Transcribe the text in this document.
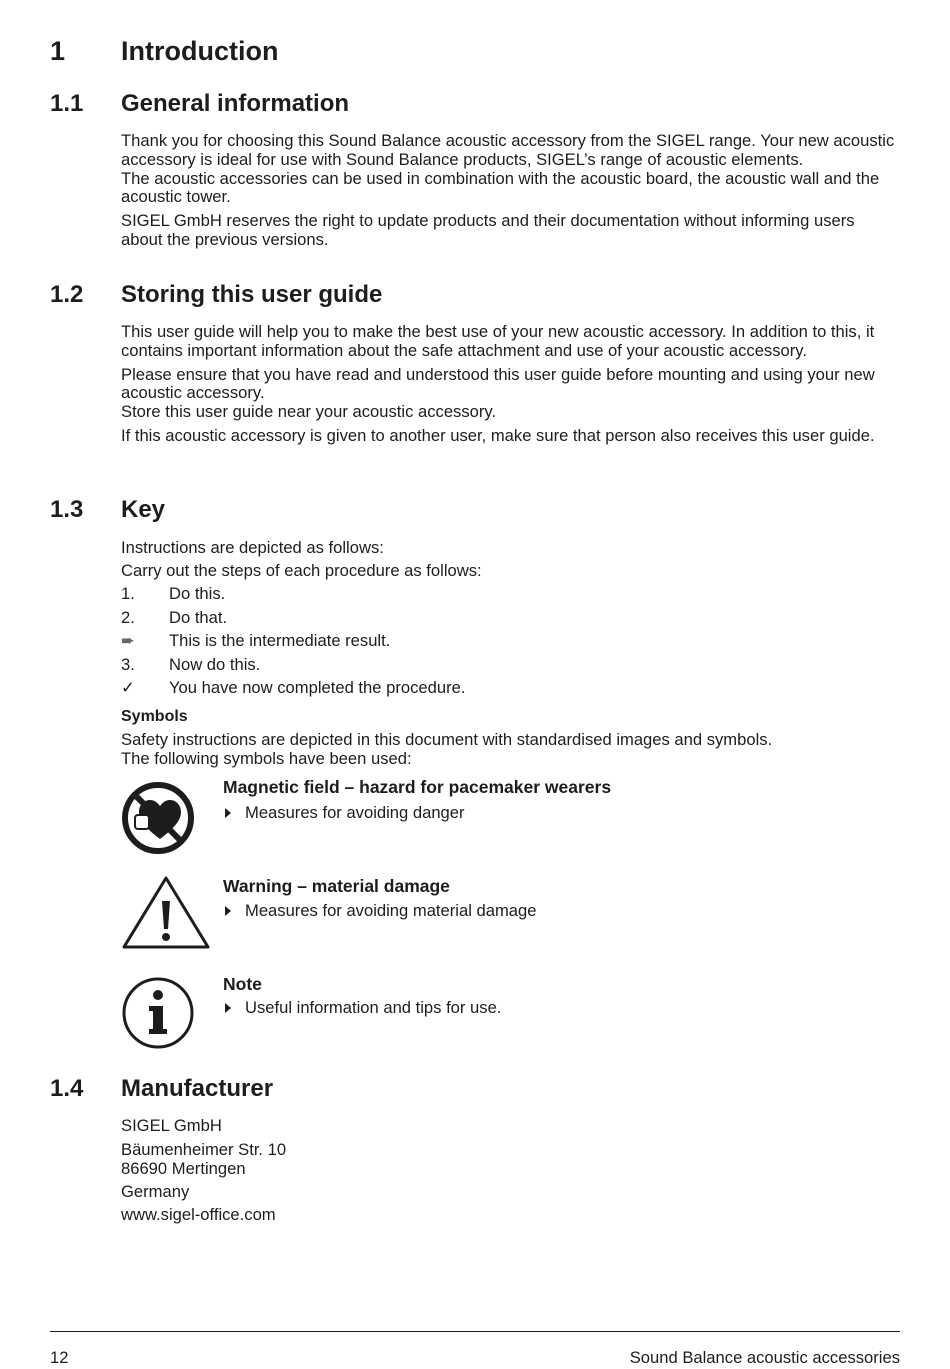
1 Introduction
1.1 General information

Thank you for choosing this Sound Balance acoustic accessory from the SIGEL range. Your new acoustic accessory is ideal for use with Sound Balance products, SIGEL’s range of acoustic elements.

The acoustic accessories can be used in combination with the acoustic board, the acoustic wall and the acoustic tower.

SIGEL GmbH reserves the right to update products and their documentation without informing users about the previous versions.

1.2 Storing this user guide

This user guide will help you to make the best use of your new acoustic accessory. In addition to this, it contains important information about the safe attachment and use of your acoustic accessory.

Please ensure that you have read and understood this user guide before mounting and using your new acoustic accessory.

Store this user guide near your acoustic accessory.

If this acoustic accessory is given to another user, make sure that person also receives this user guide.

1.3 Key
Instructions are depicted as follows:
Carry out the steps of each procedure as follows:
1.	Do this.
2.	Do that.
➨	This is the intermediate result.
3.	Now do this.
✓	You have now completed the procedure.
Symbols
Safety instructions are depicted in this document with standardised images and symbols.
The following symbols have been used:
Magnetic field – hazard for pacemaker wearers
Measures for avoiding danger
Warning – material damage
Measures for avoiding material damage
Note
Useful information and tips for use.
1.4 Manufacturer
SIGEL GmbH
Bäumenheimer Str. 10
86690 Mertingen
Germany
www.sigel-office.com
12	Sound Balance acoustic accessories
